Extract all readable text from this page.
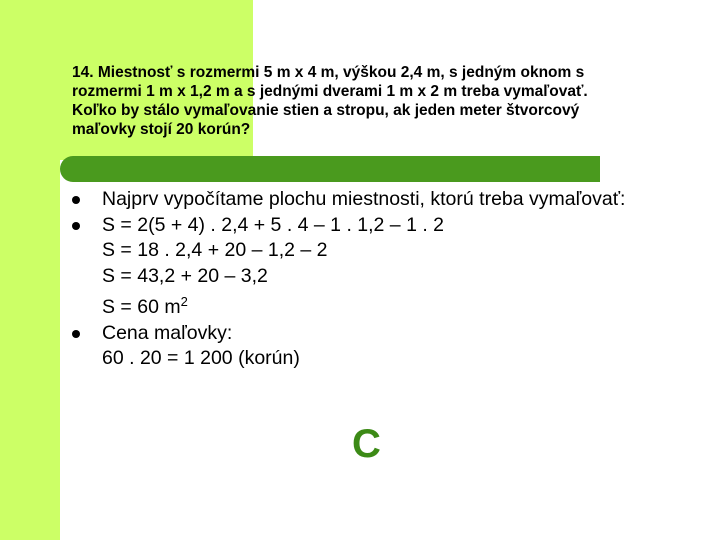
14. Miestnosť s rozmermi 5 m x 4 m, výškou 2,4 m, s jedným oknom s
rozmermi 1 m x 1,2 m a s jednými dverami 1 m x 2 m treba vymaľovať.
Koľko by stálo vymaľovanie stien a stropu, ak jeden meter štvorcový
maľovky stojí 20 korún?
Najprv vypočítame plochu miestnosti, ktorú treba vymaľovať:
S = 2(5 + 4) . 2,4 + 5 . 4 – 1 . 1,2 – 1 . 2
S = 18 . 2,4 + 20 – 1,2 – 2
S = 43,2 + 20 – 3,2
S = 60 $m^2$
Cena maľovky:
60 . 20 = 1 200 (korún)
C
